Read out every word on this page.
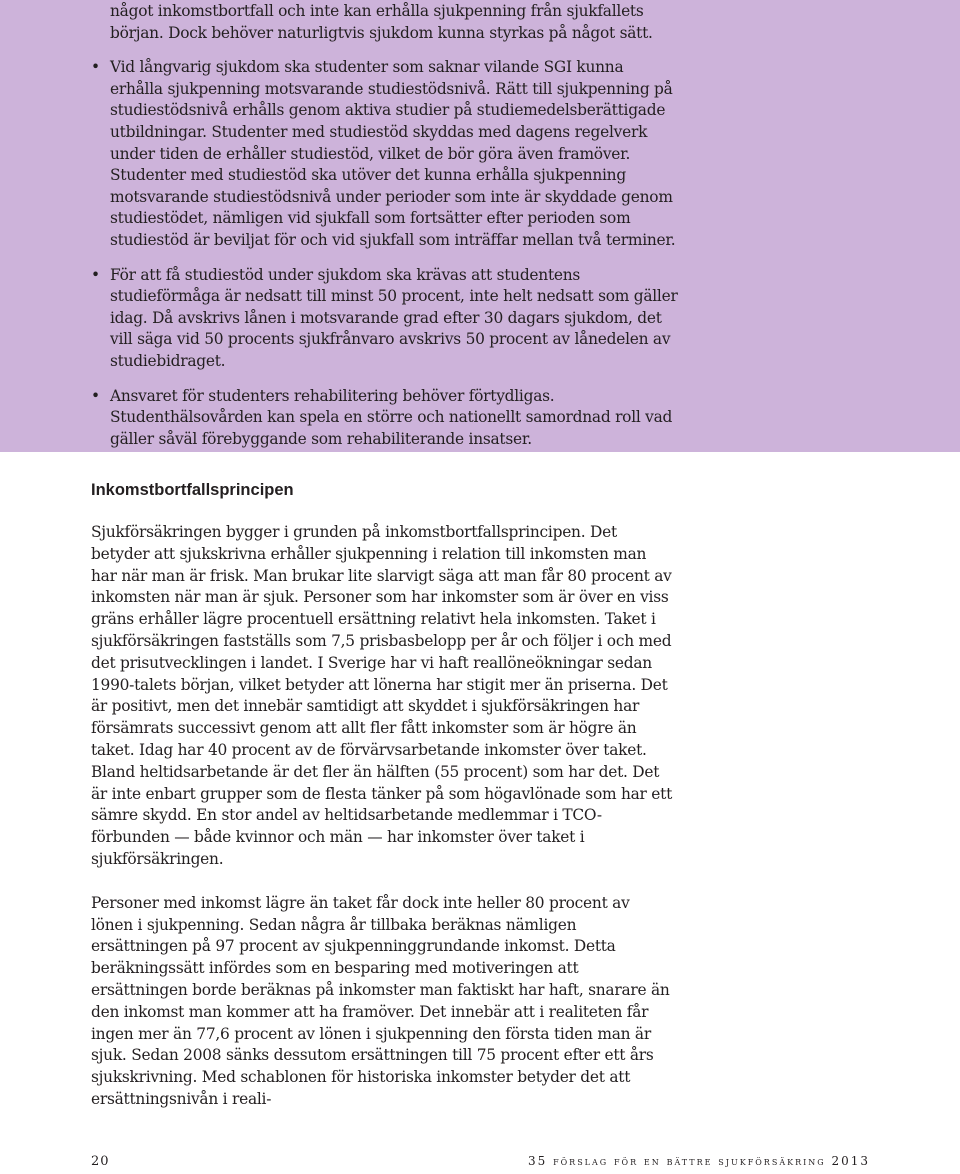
något inkomstbortfall och inte kan erhålla sjukpenning från sjukfallets början. Dock behöver naturligtvis sjukdom kunna styrkas på något sätt.

• Vid långvarig sjukdom ska studenter som saknar vilande SGI kunna erhålla sjukpenning motsvarande studiestödsnivå. Rätt till sjukpenning på studiestödsnivå erhålls genom aktiva studier på studiemedelsberättigade utbildningar. Studenter med studiestöd skyddas med dagens regelverk under tiden de erhåller studiestöd, vilket de bör göra även framöver. Studenter med studiestöd ska utöver det kunna erhålla sjukpenning motsvarande studiestödsnivå under perioder som inte är skyddade genom studiestödet, nämligen vid sjukfall som fortsätter efter perioden som studiestöd är beviljat för och vid sjukfall som inträffar mellan två terminer.
• För att få studiestöd under sjukdom ska krävas att studentens studieförmåga är nedsatt till minst 50 procent, inte helt nedsatt som gäller idag. Då avskrivs lånen i motsvarande grad efter 30 dagars sjukdom, det vill säga vid 50 procents sjukfrånvaro avskrivs 50 procent av lånedelen av studiebidraget.
• Ansvaret för studenters rehabilitering behöver förtydligas. Studenthälsovården kan spela en större och nationellt samordnad roll vad gäller såväl förebyggande som rehabiliterande insatser.
Inkomstbortfallsprincipen

Sjukförsäkringen bygger i grunden på inkomstbortfallsprincipen. Det betyder att sjukskrivna erhåller sjukpenning i relation till inkomsten man har när man är frisk. Man brukar lite slarvigt säga att man får 80 procent av inkomsten när man är sjuk. Personer som har inkomster som är över en viss gräns erhåller lägre procentuell ersättning relativt hela inkomsten. Taket i sjukförsäkringen fastställs som 7,5 prisbasbelopp per år och följer i och med det prisutvecklingen i landet. I Sverige har vi haft reallöneökningar sedan 1990-talets början, vilket betyder att lönerna har stigit mer än priserna. Det är positivt, men det innebär samtidigt att skyddet i sjukförsäkringen har försämrats successivt genom att allt fler fått inkomster som är högre än taket. Idag har 40 procent av de förvärvsarbetande inkomster över taket. Bland heltidsarbetande är det fler än hälften (55 procent) som har det. Det är inte enbart grupper som de flesta tänker på som högavlönade som har ett sämre skydd. En stor andel av heltidsarbetande medlemmar i TCO-förbunden — både kvinnor och män — har inkomster över taket i sjukförsäkringen.

Personer med inkomst lägre än taket får dock inte heller 80 procent av lönen i sjukpenning. Sedan några år tillbaka beräknas nämligen ersättningen på 97 procent av sjukpenninggrundande inkomst. Detta beräkningssätt infördes som en besparing med motiveringen att ersättningen borde beräknas på inkomster man faktiskt har haft, snarare än den inkomst man kommer att ha framöver. Det innebär att i realiteten får ingen mer än 77,6 procent av lönen i sjukpenning den första tiden man är sjuk. Sedan 2008 sänks dessutom ersättningen till 75 procent efter ett års sjukskrivning. Med schablonen för historiska inkomster betyder det att ersättningsnivån i reali-

20	35 förslag för en bättre sjukförsäkring 2013
